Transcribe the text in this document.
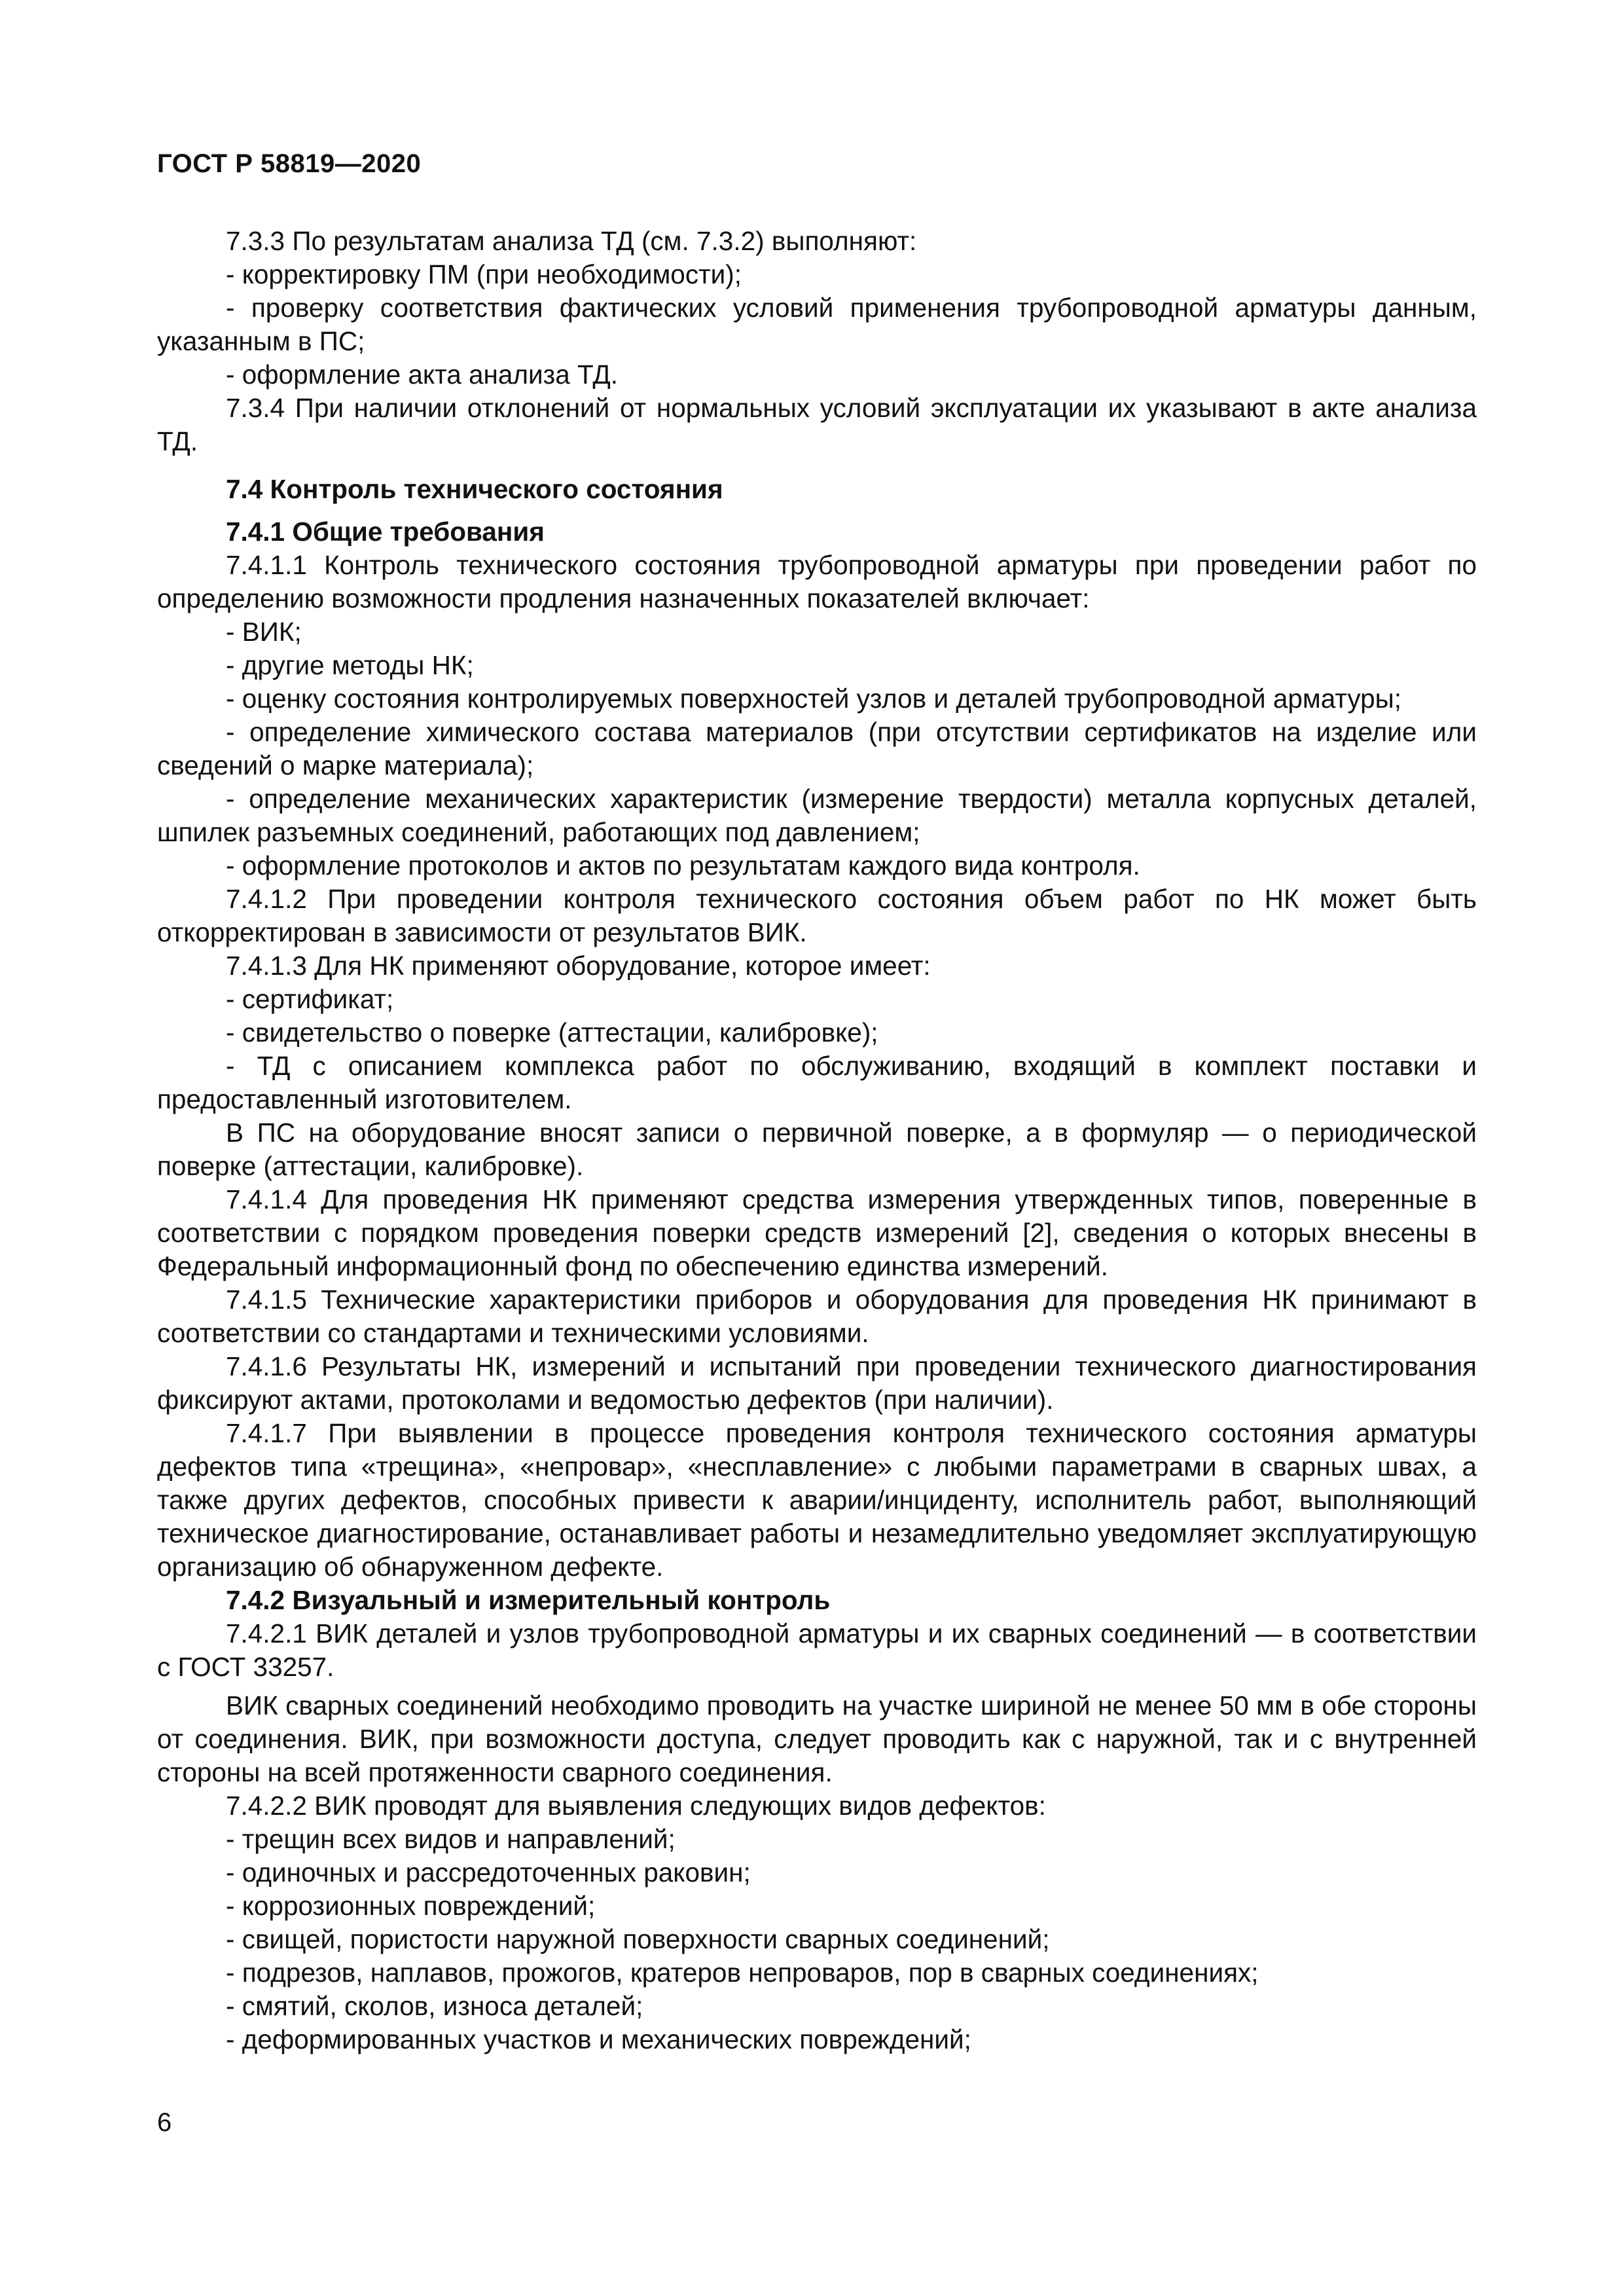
ГОСТ Р 58819—2020

7.3.3 По результатам анализа ТД (см. 7.3.2) выполняют:

- корректировку ПМ (при необходимости);

- проверку соответствия фактических условий применения трубопроводной арматуры данным, указанным в ПС;

- оформление акта анализа ТД.

7.3.4 При наличии отклонений от нормальных условий эксплуатации их указывают в акте анализа ТД.

7.4 Контроль технического состояния
7.4.1 Общие требования

7.4.1.1 Контроль технического состояния трубопроводной арматуры при проведении работ по определению возможности продления назначенных показателей включает:

- ВИК;

- другие методы НК;

- оценку состояния контролируемых поверхностей узлов и деталей трубопроводной арматуры;

- определение химического состава материалов (при отсутствии сертификатов на изделие или сведений о марке материала);

- определение механических характеристик (измерение твердости) металла корпусных деталей, шпилек разъемных соединений, работающих под давлением;

- оформление протоколов и актов по результатам каждого вида контроля.

7.4.1.2 При проведении контроля технического состояния объем работ по НК может быть откорректирован в зависимости от результатов ВИК.

7.4.1.3 Для НК применяют оборудование, которое имеет:

- сертификат;

- свидетельство о поверке (аттестации, калибровке);

- ТД с описанием комплекса работ по обслуживанию, входящий в комплект поставки и предоставленный изготовителем.

В ПС на оборудование вносят записи о первичной поверке, а в формуляр — о периодической поверке (аттестации, калибровке).

7.4.1.4 Для проведения НК применяют средства измерения утвержденных типов, поверенные в соответствии с порядком проведения поверки средств измерений [2], сведения о которых внесены в Федеральный информационный фонд по обеспечению единства измерений.

7.4.1.5 Технические характеристики приборов и оборудования для проведения НК принимают в соответствии со стандартами и техническими условиями.

7.4.1.6 Результаты НК, измерений и испытаний при проведении технического диагностирования фиксируют актами, протоколами и ведомостью дефектов (при наличии).

7.4.1.7 При выявлении в процессе проведения контроля технического состояния арматуры дефектов типа «трещина», «непровар», «несплавление» с любыми параметрами в сварных швах, а также других дефектов, способных привести к аварии/инциденту, исполнитель работ, выполняющий техническое диагностирование, останавливает работы и незамедлительно уведомляет эксплуатирующую организацию об обнаруженном дефекте.

7.4.2 Визуальный и измерительный контроль

7.4.2.1 ВИК деталей и узлов трубопроводной арматуры и их сварных соединений — в соответствии с ГОСТ 33257.

ВИК сварных соединений необходимо проводить на участке шириной не менее 50 мм в обе стороны от соединения. ВИК, при возможности доступа, следует проводить как с наружной, так и с внутренней стороны на всей протяженности сварного соединения.

7.4.2.2 ВИК проводят для выявления следующих видов дефектов:

- трещин всех видов и направлений;

- одиночных и рассредоточенных раковин;

- коррозионных повреждений;

- свищей, пористости наружной поверхности сварных соединений;

- подрезов, наплавов, прожогов, кратеров непроваров, пор в сварных соединениях;

- смятий, сколов, износа деталей;

- деформированных участков и механических повреждений;

6
